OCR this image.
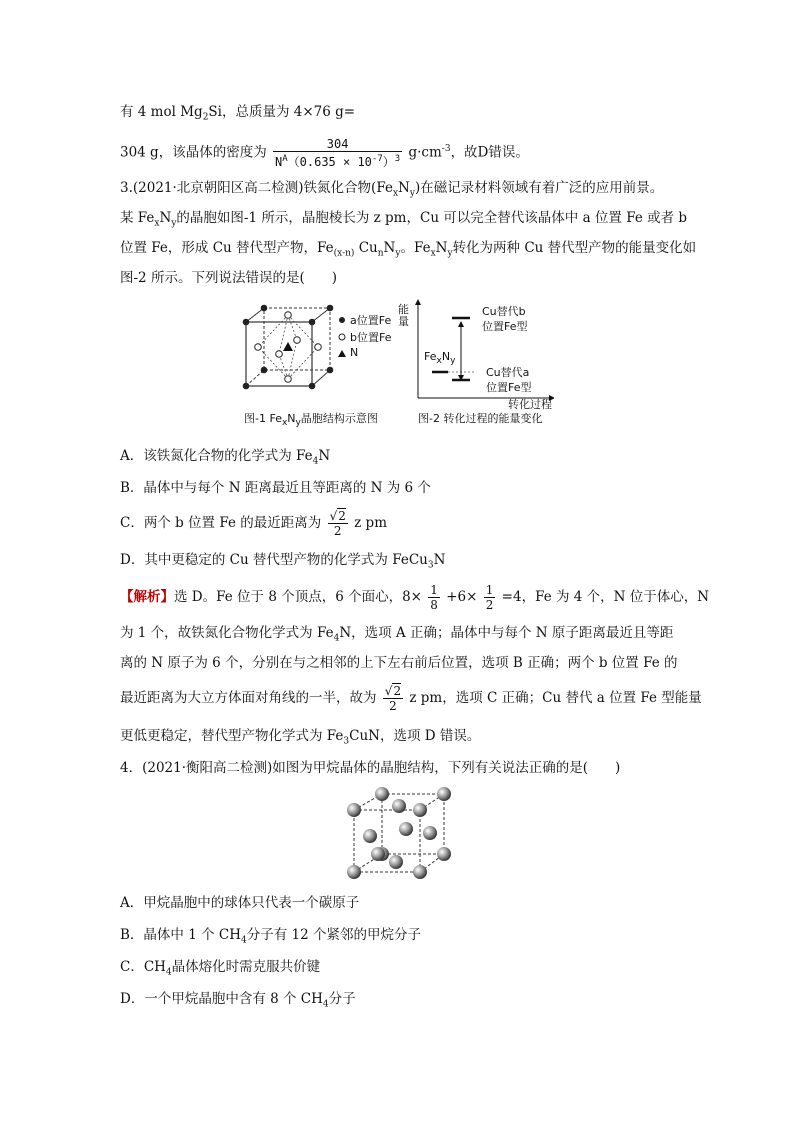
有 4 mol $Mg_2Si$，总质量为 4×76 g=
304 g，该晶体的密度为 $\frac{304}{N^A(0.635 \times 10^{-7})^3} g\cdot cm^{-3}$，故D错误。
3.(2021·北京朝阳区高二检测)铁氮化合物$(Fe_xN_y)$在磁记录材料领域有着广泛的应用前景。
某 $Fe_xN_y$的晶胞如图-1 所示，晶胞棱长为 z pm，Cu 可以完全替代该晶体中 a 位置 Fe 或者 b
位置 Fe，形成 Cu 替代型产物，$Fe_{(x-n)}$ $Cu_nN_y$。$Fe_xN_y$转化为两种 Cu 替代型产物的能量变化如
图-2 所示。下列说法错误的是(　　)
a位置Fe
b位置Fe
N
图-1 $Fe_xN_y$晶胞结构示意图
能量
Cu替代b
位置Fe型
$Fe_xN_y$
Cu替代a
位置Fe型
转化过程
图-2 转化过程的能量变化
A．该铁氮化合物的化学式为 $Fe_4N$
B．晶体中与每个 N 距离最近且等距离的 N 为 6 个
C．两个 b 位置 Fe 的最近距离为 $\frac{√2}{2}$ z pm
D．其中更稳定的 Cu 替代型产物的化学式为 FeCu$_3$N
【解析】选 D。Fe 位于 8 个顶点，6 个面心，$8\times \frac{1}{8} +6\times \frac{1}{2} =4$，Fe 为 4 个，N 位于体心，N
为 1 个，故铁氮化合物化学式为 $Fe_4N$，选项 A 正确；晶体中与每个 N 原子距离最近且等距
离的 N 原子为 6 个，分别在与之相邻的上下左右前后位置，选项 B 正确；两个 b 位置 Fe 的
最近距离为大立方体面对角线的一半，故为 $\frac{√2}{2}$ z pm，选项 C 正确；Cu 替代 a 位置 Fe 型能量
更低更稳定，替代型产物化学式为 $Fe_3CuN$，选项 D 错误。
4．(2021·衡阳高二检测)如图为甲烷晶体的晶胞结构，下列有关说法正确的是(　　)
A．甲烷晶胞中的球体只代表一个碳原子
B．晶体中 1 个 $CH_4$分子有 12 个紧邻的甲烷分子
C．$CH_4$晶体熔化时需克服共价键
D．一个甲烷晶胞中含有 8 个 $CH_4$分子
